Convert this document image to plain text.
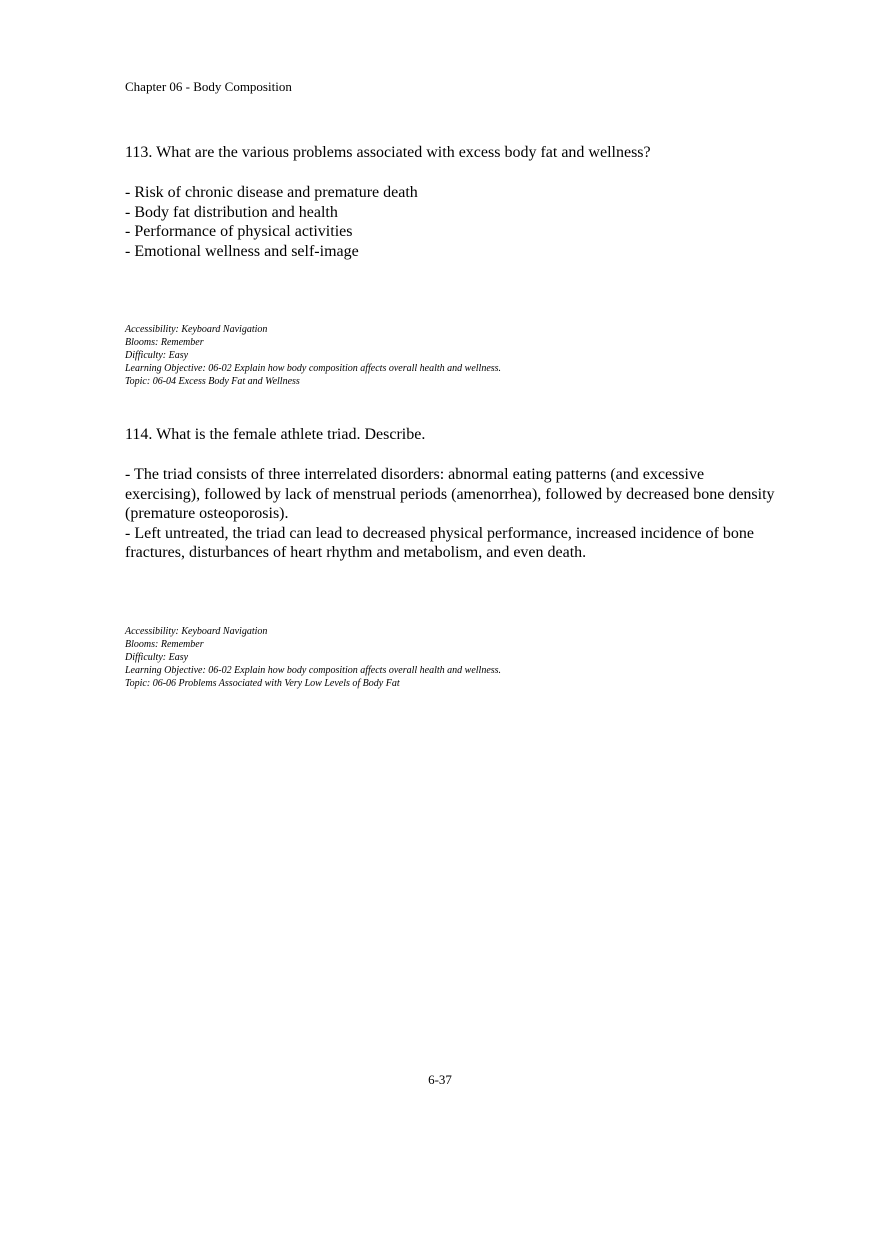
Chapter 06 - Body Composition

113. What are the various problems associated with excess body fat and wellness?

- Risk of chronic disease and premature death
- Body fat distribution and health
- Performance of physical activities
- Emotional wellness and self-image
Accessibility: Keyboard Navigation
Blooms: Remember
Difficulty: Easy
Learning Objective: 06-02 Explain how body composition affects overall health and wellness.
Topic: 06-04 Excess Body Fat and Wellness

114. What is the female athlete triad. Describe.

- The triad consists of three interrelated disorders: abnormal eating patterns (and excessive exercising), followed by lack of menstrual periods (amenorrhea), followed by decreased bone density (premature osteoporosis).
- Left untreated, the triad can lead to decreased physical performance, increased incidence of bone fractures, disturbances of heart rhythm and metabolism, and even death.
Accessibility: Keyboard Navigation
Blooms: Remember
Difficulty: Easy
Learning Objective: 06-02 Explain how body composition affects overall health and wellness.
Topic: 06-06 Problems Associated with Very Low Levels of Body Fat
6-37
